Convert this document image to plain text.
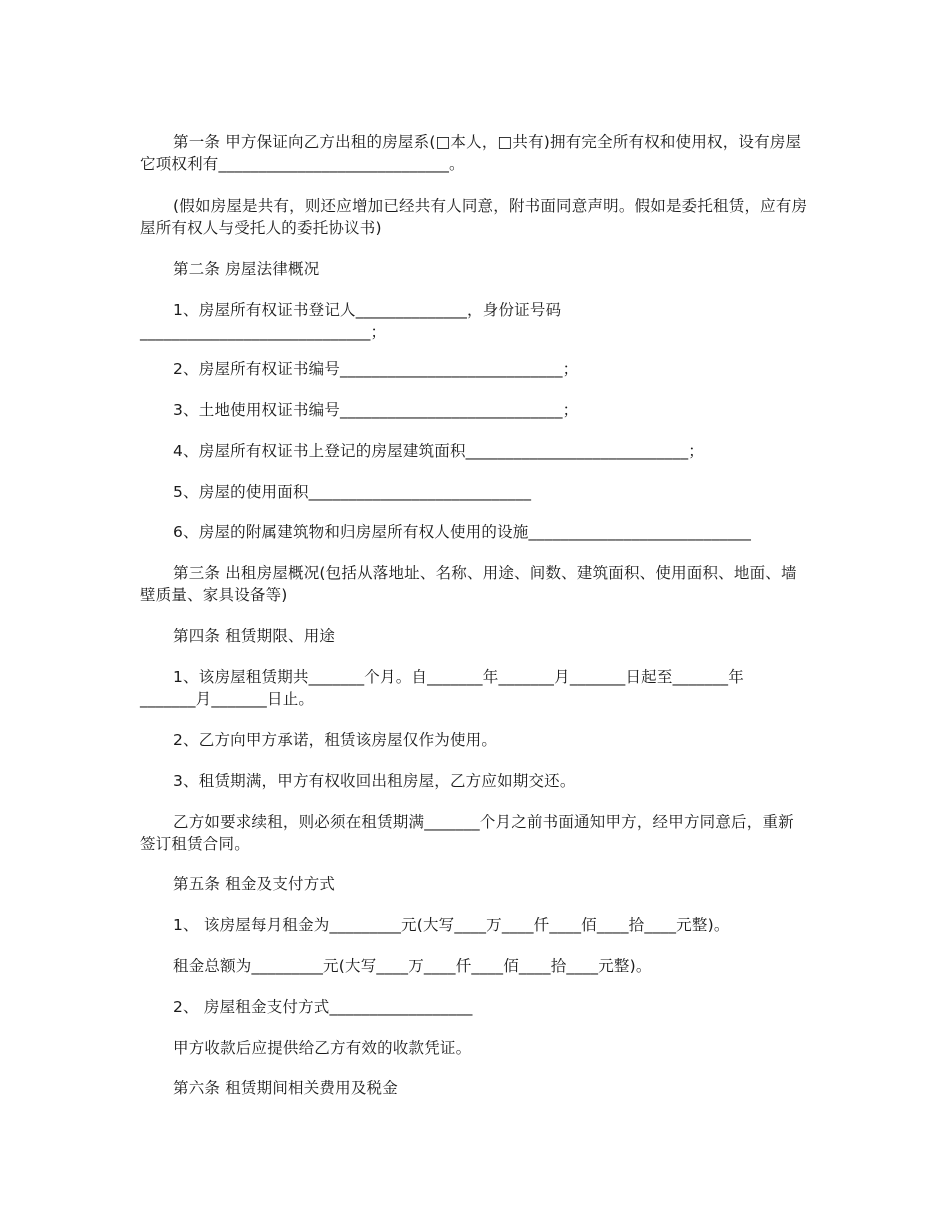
第一条 甲方保证向乙方出租的房屋系(□本人，□共有)拥有完全所有权和使用权，设有房屋它项权利有_____________________________。

(假如房屋是共有，则还应增加已经共有人同意，附书面同意声明。假如是委托租赁，应有房屋所有权人与受托人的委托协议书)

第二条 房屋法律概况

1、房屋所有权证书登记人______________，身份证号码

_____________________________；

2、房屋所有权证书编号____________________________；

3、土地使用权证书编号____________________________；

4、房屋所有权证书上登记的房屋建筑面积____________________________；

5、房屋的使用面积____________________________

6、房屋的附属建筑物和归房屋所有权人使用的设施____________________________

第三条 出租房屋概况(包括从落地址、名称、用途、间数、建筑面积、使用面积、地面、墙壁质量、家具设备等)

第四条 租赁期限、用途

1、该房屋租赁期共_______个月。自_______年_______月_______日起至_______年

_______月_______日止。

2、乙方向甲方承诺，租赁该房屋仅作为使用。

3、租赁期满，甲方有权收回出租房屋，乙方应如期交还。

乙方如要求续租，则必须在租赁期满_______个月之前书面通知甲方，经甲方同意后，重新签订租赁合同。

第五条 租金及支付方式

1、 该房屋每月租金为_________元(大写____万____仟____佰____拾____元整)。

租金总额为_________元(大写____万____仟____佰____拾____元整)。

2、 房屋租金支付方式__________________

甲方收款后应提供给乙方有效的收款凭证。

第六条 租赁期间相关费用及税金
